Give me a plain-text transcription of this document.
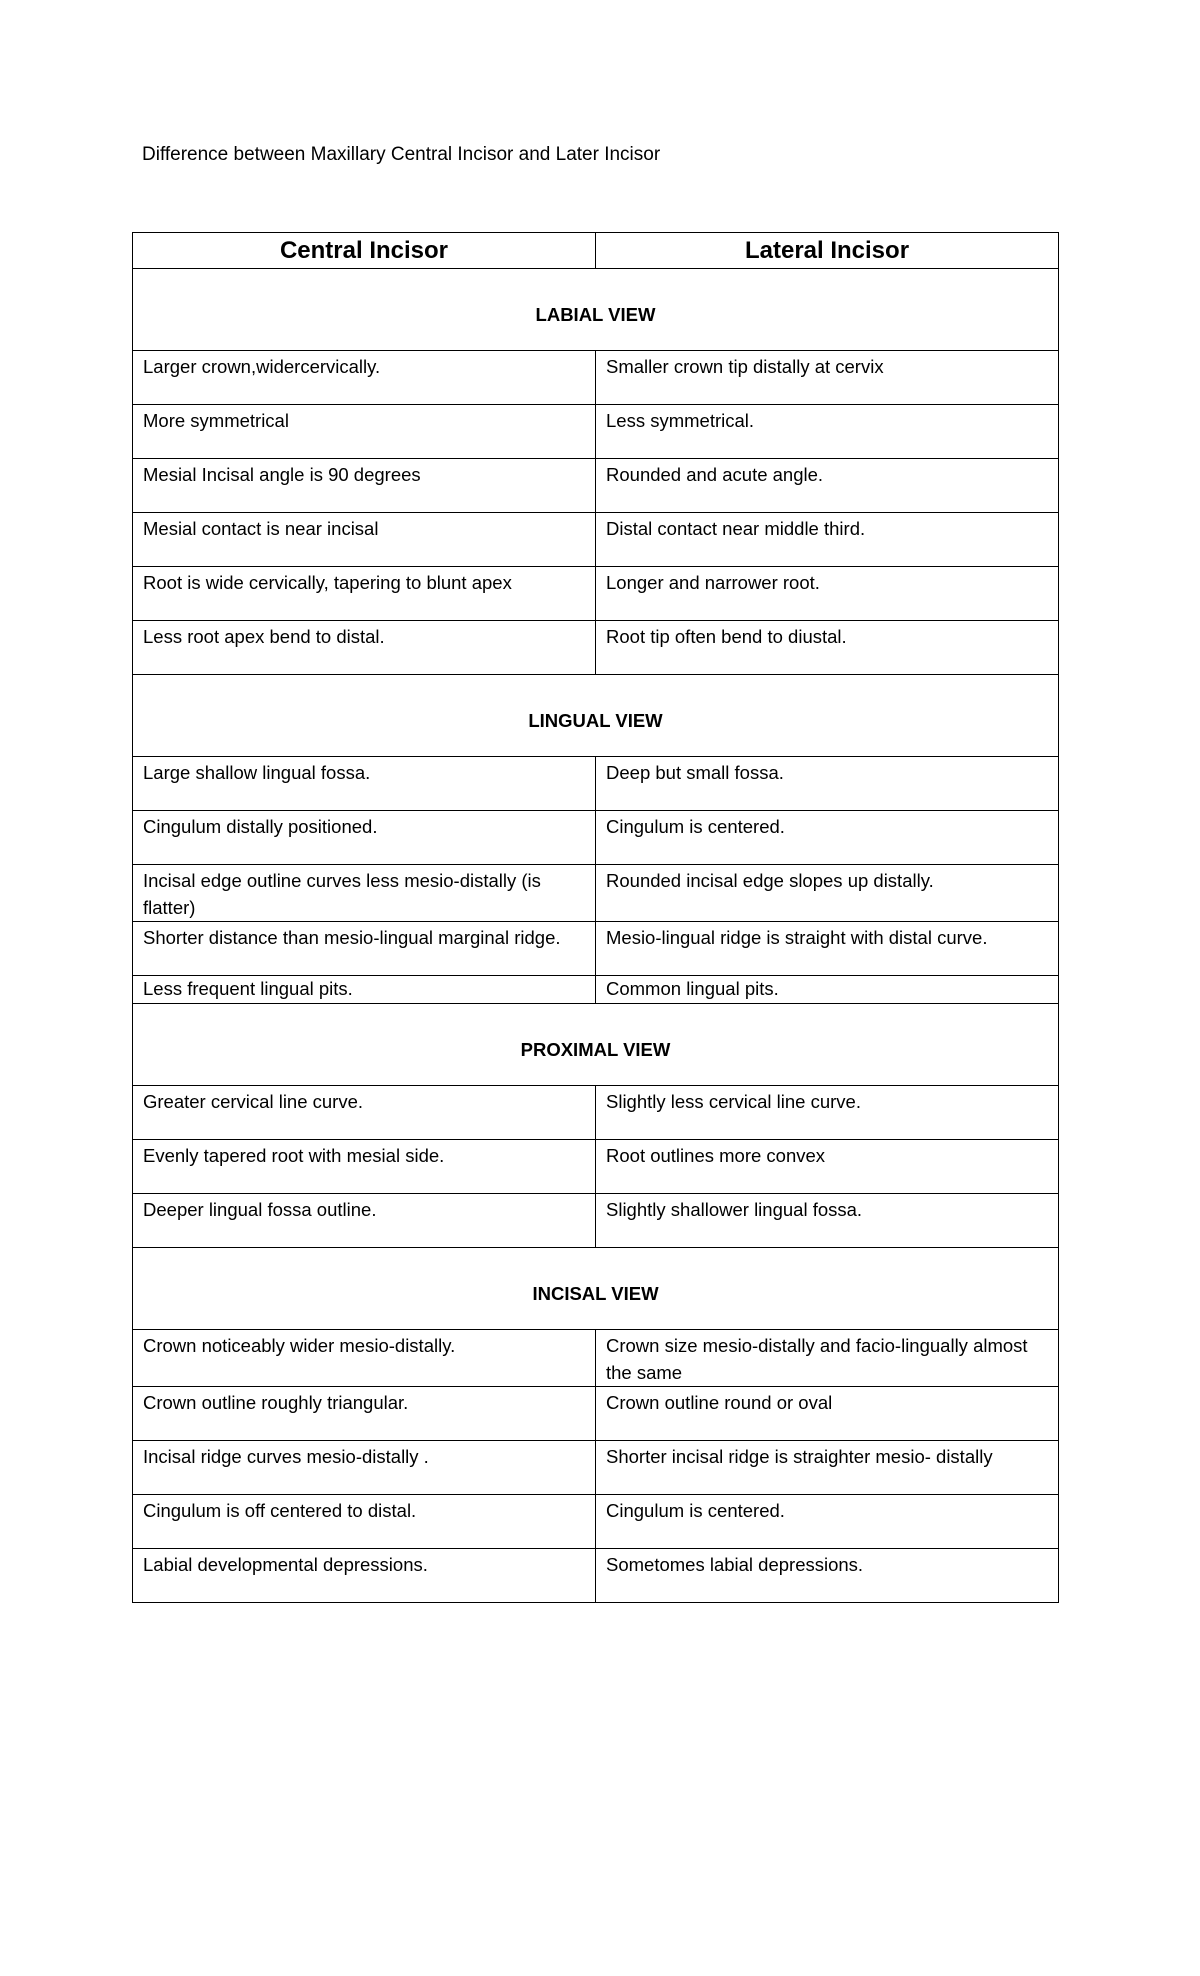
Difference between Maxillary Central Incisor and Later Incisor
Central Incisor	Lateral Incisor
LABIAL VIEW	
Larger crown,widercervically.	Smaller crown tip distally at cervix
More symmetrical	Less symmetrical.
Mesial Incisal angle is 90 degrees	Rounded and acute angle.
Mesial contact is near incisal	Distal contact near middle third.
Root is wide cervically, tapering to blunt apex	Longer and narrower root.
Less root apex bend to distal.	Root tip often bend to diustal.
LINGUAL VIEW	
Large shallow lingual fossa.	Deep but small fossa.
Cingulum distally positioned.	Cingulum is centered.
Incisal edge outline curves less mesio-distally (is flatter)	Rounded incisal edge slopes up distally.
Shorter distance than mesio-lingual marginal ridge.	Mesio-lingual ridge is straight with distal curve.
Less frequent lingual pits.	Common lingual pits.
PROXIMAL VIEW	
Greater cervical line curve.	Slightly less cervical line curve.
Evenly tapered root with mesial side.	Root outlines more convex
Deeper lingual fossa outline.	Slightly shallower lingual fossa.
INCISAL VIEW	
Crown noticeably wider mesio-distally.	Crown size mesio-distally and facio-lingually almost the same
Crown outline roughly triangular.	Crown outline round or oval
Incisal ridge curves mesio-distally .	Shorter incisal ridge is straighter mesio- distally
Cingulum is off centered to distal.	Cingulum is centered.
Labial developmental depressions.	Sometomes labial depressions.
